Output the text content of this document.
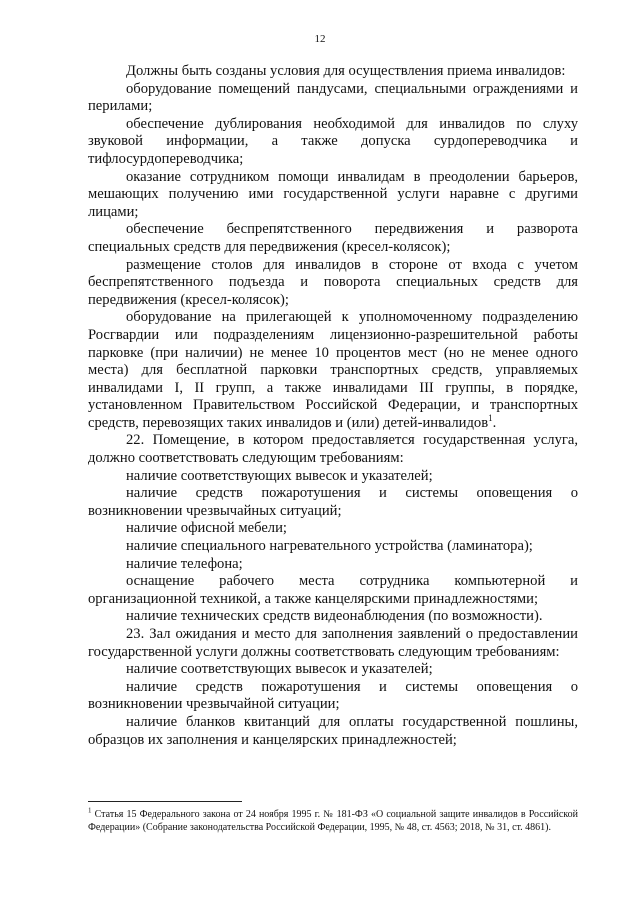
12

Должны быть созданы условия для осуществления приема инвалидов:

оборудование помещений пандусами, специальными ограждениями и перилами;

обеспечение дублирования необходимой для инвалидов по слуху звуковой информации, а также допуска сурдопереводчика и тифлосурдопереводчика;

оказание сотрудником помощи инвалидам в преодолении барьеров, мешающих получению ими государственной услуги наравне с другими лицами;

обеспечение беспрепятственного передвижения и разворота специальных средств для передвижения (кресел-колясок);

размещение столов для инвалидов в стороне от входа с учетом беспрепятственного подъезда и поворота специальных средств для передвижения (кресел-колясок);

оборудование на прилегающей к уполномоченному подразделению Росгвардии или подразделениям лицензионно-разрешительной работы парковке (при наличии) не менее 10 процентов мест (но не менее одного места) для бесплатной парковки транспортных средств, управляемых инвалидами I, II групп, а также инвалидами III группы, в порядке, установленном Правительством Российской Федерации, и транспортных средств, перевозящих таких инвалидов и (или) детей-инвалидов$^1$.

22. Помещение, в котором предоставляется государственная услуга, должно соответствовать следующим требованиям:

наличие соответствующих вывесок и указателей;

наличие средств пожаротушения и системы оповещения о возникновении чрезвычайных ситуаций;

наличие офисной мебели;

наличие специального нагревательного устройства (ламинатора);

наличие телефона;

оснащение рабочего места сотрудника компьютерной и организационной техникой, а также канцелярскими принадлежностями;

наличие технических средств видеонаблюдения (по возможности).

23. Зал ожидания и место для заполнения заявлений о предоставлении государственной услуги должны соответствовать следующим требованиям:

наличие соответствующих вывесок и указателей;

наличие средств пожаротушения и системы оповещения о возникновении чрезвычайной ситуации;

наличие бланков квитанций для оплаты государственной пошлины, образцов их заполнения и канцелярских принадлежностей;

$^1$ Статья 15 Федерального закона от 24 ноября 1995 г. № 181-ФЗ «О социальной защите инвалидов в Российской Федерации» (Собрание законодательства Российской Федерации, 1995, № 48, ст. 4563; 2018, № 31, ст. 4861).
